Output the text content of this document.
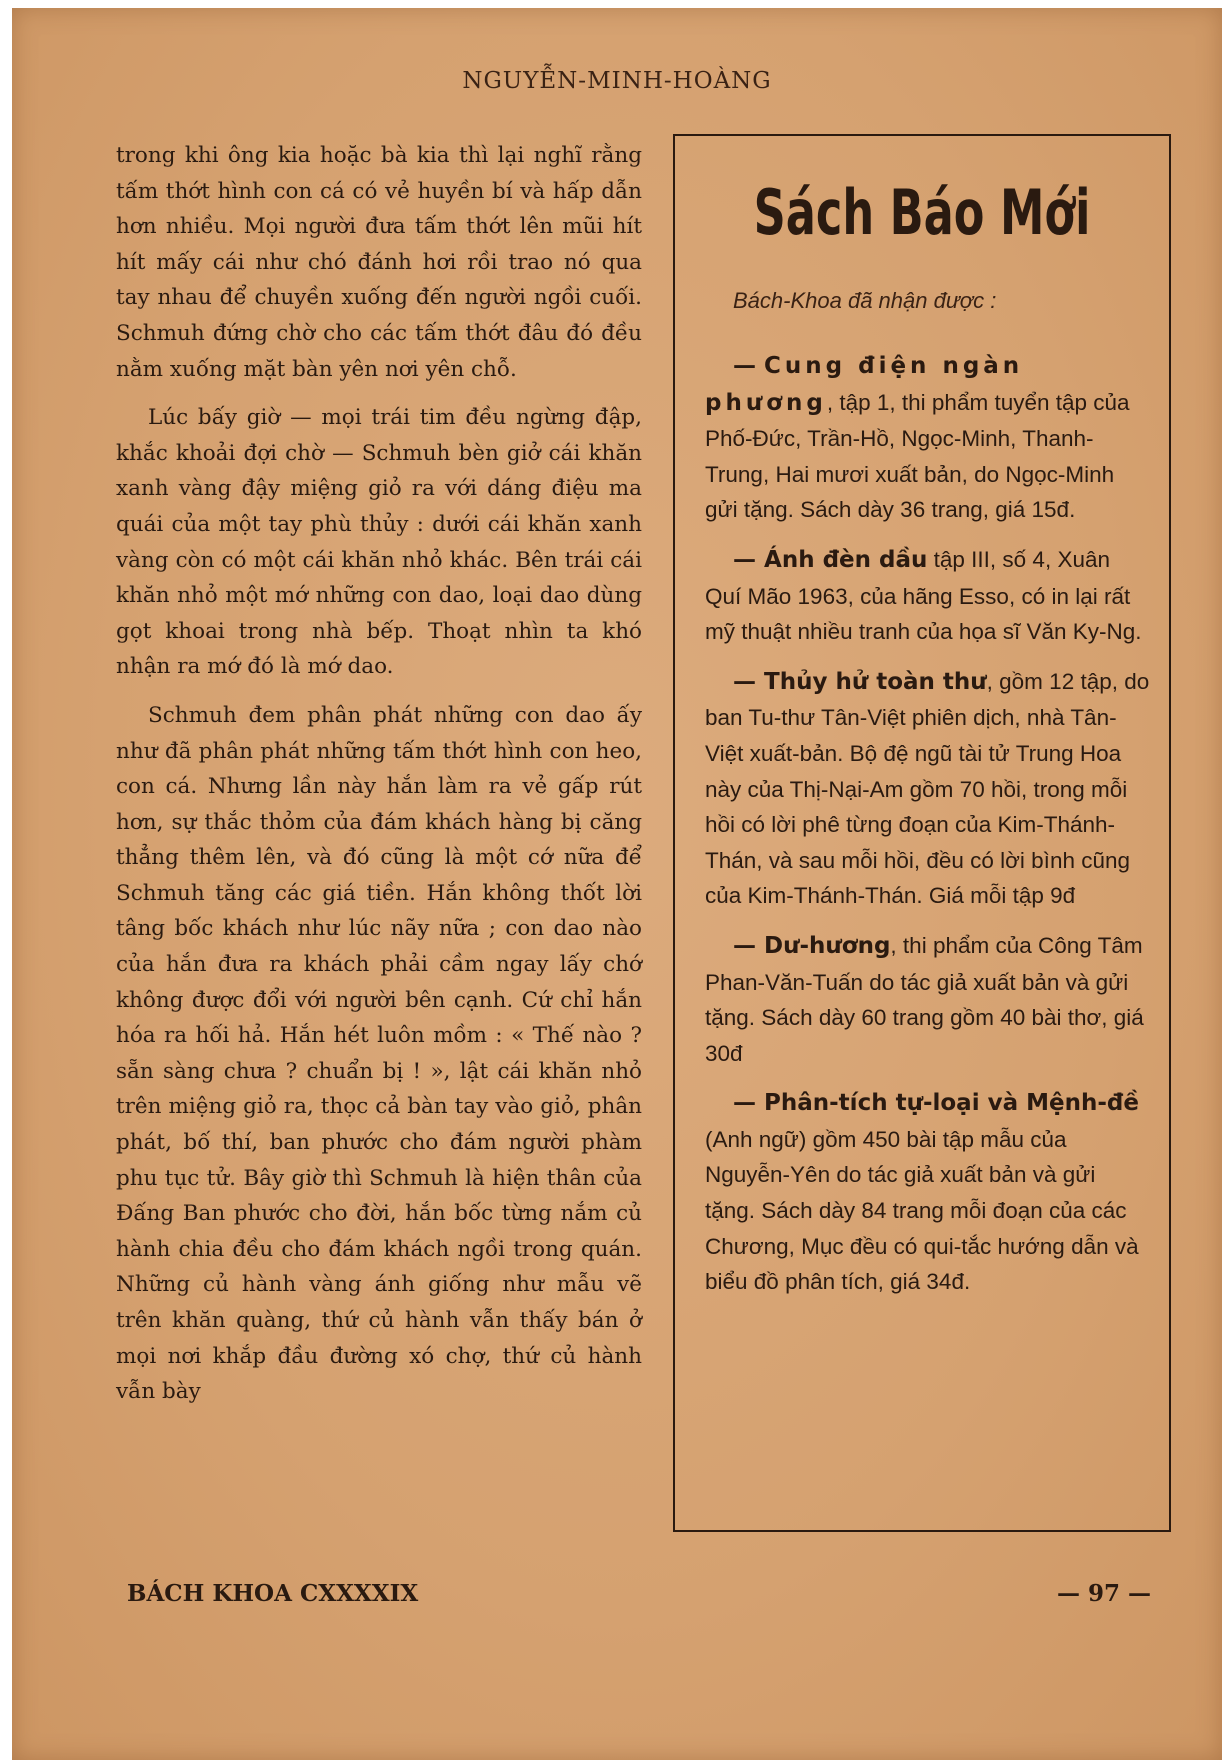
NGUYỄN-MINH-HOÀNG

trong khi ông kia hoặc bà kia thì lại nghĩ rằng tấm thớt hình con cá có vẻ huyền bí và hấp dẫn hơn nhiều. Mọi người đưa tấm thớt lên mũi hít hít mấy cái như chó đánh hơi rồi trao nó qua tay nhau để chuyền xuống đến người ngồi cuối. Schmuh đứng chờ cho các tấm thớt đâu đó đều nằm xuống mặt bàn yên nơi yên chỗ.

Lúc bấy giờ — mọi trái tim đều ngừng đập, khắc khoải đợi chờ — Schmuh bèn giở cái khăn xanh vàng đậy miệng giỏ ra với dáng điệu ma quái của một tay phù thủy : dưới cái khăn xanh vàng còn có một cái khăn nhỏ khác. Bên trái cái khăn nhỏ một mớ những con dao, loại dao dùng gọt khoai trong nhà bếp. Thoạt nhìn ta khó nhận ra mớ đó là mớ dao.

Schmuh đem phân phát những con dao ấy như đã phân phát những tấm thớt hình con heo, con cá. Nhưng lần này hắn làm ra vẻ gấp rút hơn, sự thắc thỏm của đám khách hàng bị căng thẳng thêm lên, và đó cũng là một cớ nữa để Schmuh tăng các giá tiền. Hắn không thốt lời tâng bốc khách như lúc nãy nữa ; con dao nào của hắn đưa ra khách phải cầm ngay lấy chớ không được đổi với người bên cạnh. Cứ chỉ hắn hóa ra hối hả. Hắn hét luôn mồm : « Thế nào ? sẵn sàng chưa ? chuẩn bị ! », lật cái khăn nhỏ trên miệng giỏ ra, thọc cả bàn tay vào giỏ, phân phát, bố thí, ban phước cho đám người phàm phu tục tử. Bây giờ thì Schmuh là hiện thân của Đấng Ban phước cho đời, hắn bốc từng nắm củ hành chia đều cho đám khách ngồi trong quán. Những củ hành vàng ánh giống như mẫu vẽ trên khăn quàng, thứ củ hành vẫn thấy bán ở mọi nơi khắp đầu đường xó chợ, thứ củ hành vẫn bày

Sách Báo Mới
Bách-Khoa đã nhận được :

— Cung điện ngàn phương, tập 1, thi phẩm tuyển tập của Phố-Đức, Trần-Hồ, Ngọc-Minh, Thanh-Trung, Hai mươi xuất bản, do Ngọc-Minh gửi tặng. Sách dày 36 trang, giá 15đ.

— Ánh đèn dầu tập III, số 4, Xuân Quí Mão 1963, của hãng Esso, có in lại rất mỹ thuật nhiều tranh của họa sĩ Văn Ky-Ng.

— Thủy hử toàn thư, gồm 12 tập, do ban Tu-thư Tân-Việt phiên dịch, nhà Tân-Việt xuất-bản. Bộ đệ ngũ tài tử Trung Hoa này của Thị-Nại-Am gồm 70 hồi, trong mỗi hồi có lời phê từng đoạn của Kim-Thánh-Thán, và sau mỗi hồi, đều có lời bình cũng của Kim-Thánh-Thán. Giá mỗi tập 9đ

— Dư-hương, thi phẩm của Công Tâm Phan-Văn-Tuấn do tác giả xuất bản và gửi tặng. Sách dày 60 trang gồm 40 bài thơ, giá 30đ

— Phân-tích tự-loại và Mệnh-đề (Anh ngữ) gồm 450 bài tập mẫu của Nguyễn-Yên do tác giả xuất bản và gửi tặng. Sách dày 84 trang mỗi đoạn của các Chương, Mục đều có qui-tắc hướng dẫn và biểu đồ phân tích, giá 34đ.

BÁCH KHOA CXXXXIX	— 97 —
